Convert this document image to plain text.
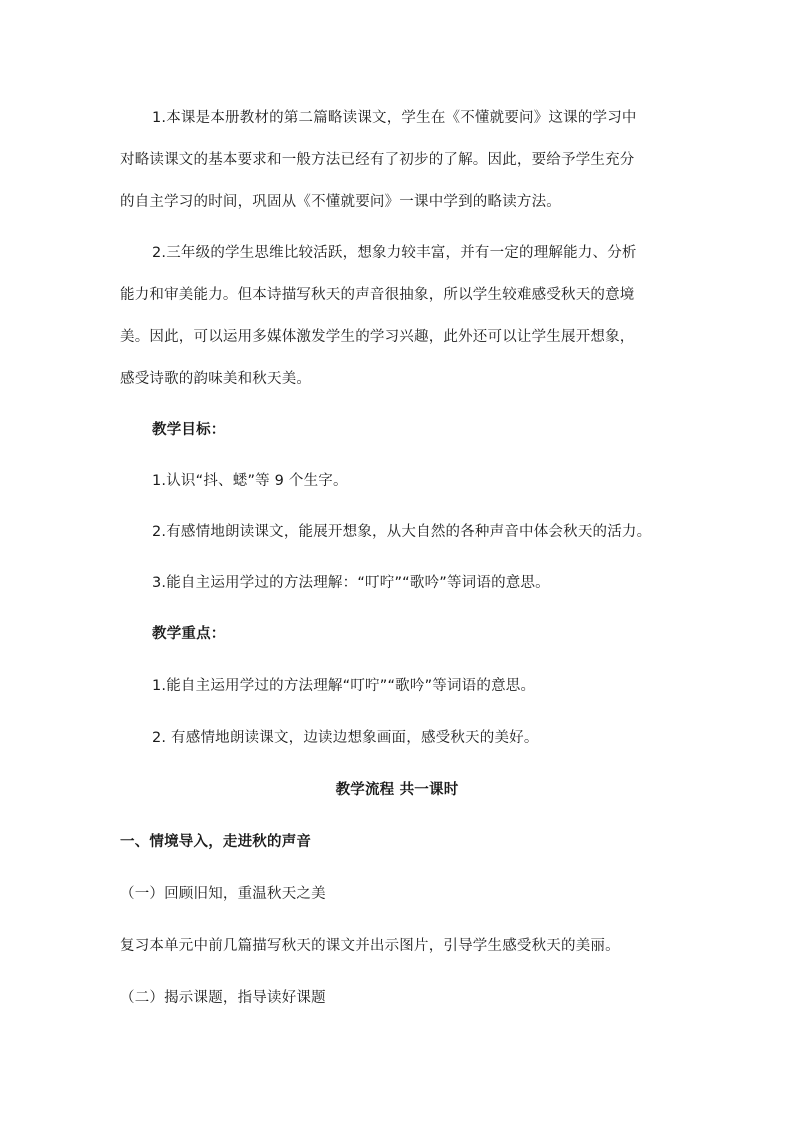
1.本课是本册教材的第二篇略读课文，学生在《不懂就要问》这课的学习中
对略读课文的基本要求和一般方法已经有了初步的了解。因此，要给予学生充分
的自主学习的时间，巩固从《不懂就要问》一课中学到的略读方法。
2.三年级的学生思维比较活跃，想象力较丰富，并有一定的理解能力、分析
能力和审美能力。但本诗描写秋天的声音很抽象，所以学生较难感受秋天的意境
美。因此，可以运用多媒体激发学生的学习兴趣，此外还可以让学生展开想象，
感受诗歌的韵味美和秋天美。
教学目标：
1.认识“抖、蟋”等 9 个生字。
2.有感情地朗读课文，能展开想象，从大自然的各种声音中体会秋天的活力。
3.能自主运用学过的方法理解：“叮咛”“歌吟”等词语的意思。
教学重点：
1.能自主运用学过的方法理解“叮咛”“歌吟”等词语的意思。
2. 有感情地朗读课文，边读边想象画面，感受秋天的美好。
教学流程 共一课时
一、情境导入，走进秋的声音
（一）回顾旧知，重温秋天之美
复习本单元中前几篇描写秋天的课文并出示图片，引导学生感受秋天的美丽。
（二）揭示课题，指导读好课题
